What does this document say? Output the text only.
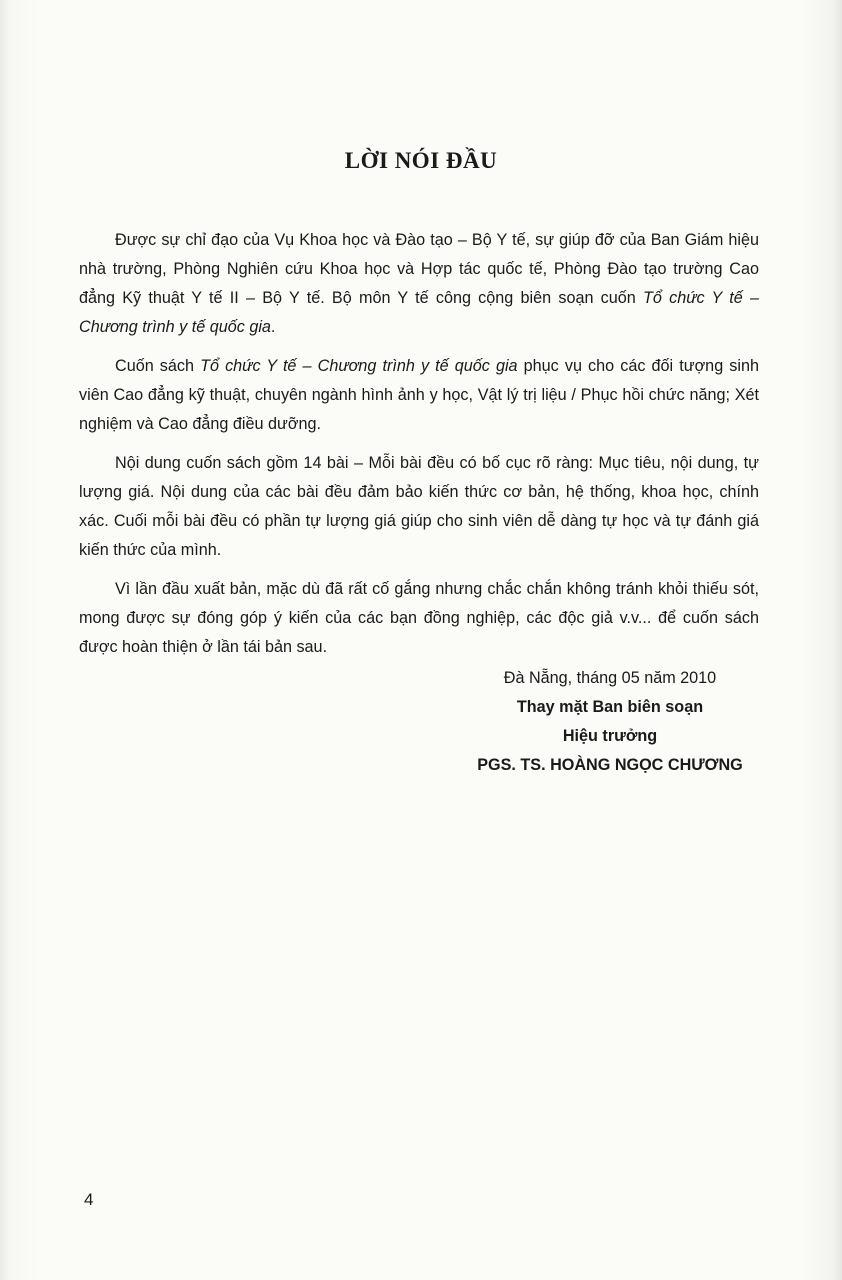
LỜI NÓI ĐẦU

Được sự chỉ đạo của Vụ Khoa học và Đào tạo – Bộ Y tế, sự giúp đỡ của Ban Giám hiệu nhà trường, Phòng Nghiên cứu Khoa học và Hợp tác quốc tế, Phòng Đào tạo trường Cao đẳng Kỹ thuật Y tế II – Bộ Y tế. Bộ môn Y tế công cộng biên soạn cuốn Tổ chức Y tế – Chương trình y tế quốc gia.

Cuốn sách Tổ chức Y tế – Chương trình y tế quốc gia phục vụ cho các đối tượng sinh viên Cao đẳng kỹ thuật, chuyên ngành hình ảnh y học, Vật lý trị liệu / Phục hồi chức năng; Xét nghiệm và Cao đẳng điều dưỡng.

Nội dung cuốn sách gồm 14 bài – Mỗi bài đều có bố cục rõ ràng: Mục tiêu, nội dung, tự lượng giá. Nội dung của các bài đều đảm bảo kiến thức cơ bản, hệ thống, khoa học, chính xác. Cuối mỗi bài đều có phần tự lượng giá giúp cho sinh viên dễ dàng tự học và tự đánh giá kiến thức của mình.

Vì lần đầu xuất bản, mặc dù đã rất cố gắng nhưng chắc chắn không tránh khỏi thiếu sót, mong được sự đóng góp ý kiến của các bạn đồng nghiệp, các độc giả v.v... để cuốn sách được hoàn thiện ở lần tái bản sau.

Đà Nẵng, tháng 05 năm 2010
Thay mặt Ban biên soạn
Hiệu trưởng
PGS. TS. HOÀNG NGỌC CHƯƠNG
4
